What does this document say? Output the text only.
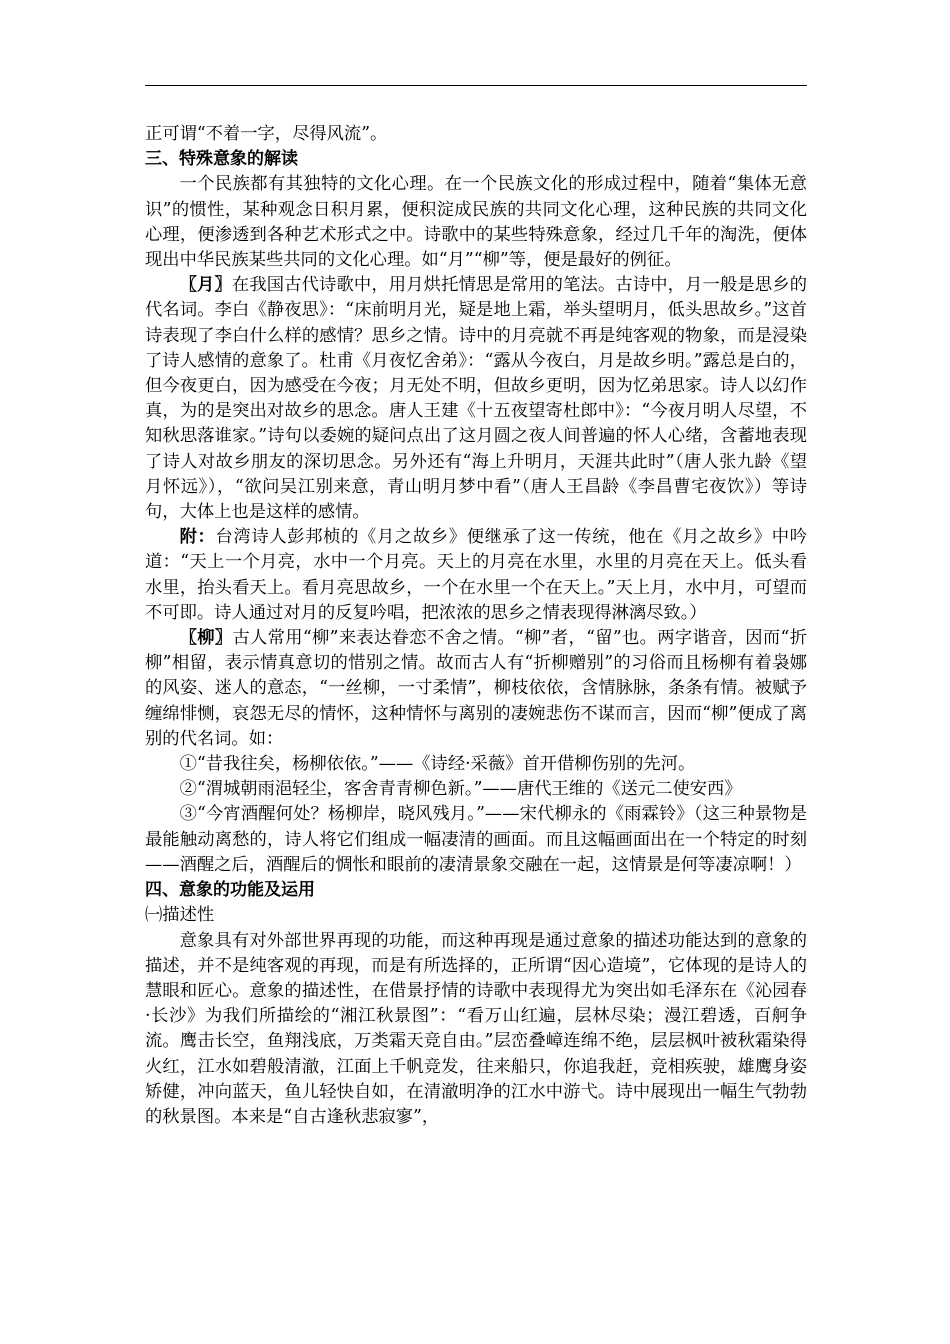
正可谓“不着一字，尽得风流”。

三、特殊意象的解读

一个民族都有其独特的文化心理。在一个民族文化的形成过程中，随着“集体无意识”的惯性，某种观念日积月累，便积淀成民族的共同文化心理，这种民族的共同文化心理，便渗透到各种艺术形式之中。诗歌中的某些特殊意象，经过几千年的淘洗，便体现出中华民族某些共同的文化心理。如“月”“柳”等，便是最好的例征。

〖月〗在我国古代诗歌中，用月烘托情思是常用的笔法。古诗中，月一般是思乡的代名词。李白《静夜思》：“床前明月光，疑是地上霜，举头望明月，低头思故乡。”这首诗表现了李白什么样的感情？思乡之情。诗中的月亮就不再是纯客观的物象，而是浸染了诗人感情的意象了。杜甫《月夜忆舍弟》：“露从今夜白，月是故乡明。”露总是白的，但今夜更白，因为感受在今夜；月无处不明，但故乡更明，因为忆弟思家。诗人以幻作真，为的是突出对故乡的思念。唐人王建《十五夜望寄杜郎中》：“今夜月明人尽望，不知秋思落谁家。”诗句以委婉的疑问点出了这月圆之夜人间普遍的怀人心绪，含蓄地表现了诗人对故乡朋友的深切思念。另外还有“海上升明月，天涯共此时”（唐人张九龄《望月怀远》），“欲问吴江别来意，青山明月梦中看”（唐人王昌龄《李昌曹宅夜饮》）等诗句，大体上也是这样的感情。

附：台湾诗人彭邦桢的《月之故乡》便继承了这一传统，他在《月之故乡》中吟道：“天上一个月亮，水中一个月亮。天上的月亮在水里，水里的月亮在天上。低头看水里，抬头看天上。看月亮思故乡，一个在水里一个在天上。”天上月，水中月，可望而不可即。诗人通过对月的反复吟唱，把浓浓的思乡之情表现得淋漓尽致。）

〖柳〗古人常用“柳”来表达眷恋不舍之情。“柳”者，“留”也。两字谐音，因而“折柳”相留，表示情真意切的惜别之情。故而古人有“折柳赠别”的习俗而且杨柳有着袅娜的风姿、迷人的意态，“一丝柳，一寸柔情”，柳枝依依，含情脉脉，条条有情。被赋予缠绵悱恻，哀怨无尽的情怀，这种情怀与离别的凄婉悲伤不谋而言，因而“柳”便成了离别的代名词。如：

①“昔我往矣，杨柳依依。”——《诗经·采薇》首开借柳伤别的先河。

②“渭城朝雨浥轻尘，客舍青青柳色新。”——唐代王维的《送元二使安西》

③“今宵酒醒何处？杨柳岸，晓风残月。”——宋代柳永的《雨霖铃》（这三种景物是最能触动离愁的，诗人将它们组成一幅凄清的画面。而且这幅画面出在一个特定的时刻——酒醒之后，酒醒后的惆怅和眼前的凄清景象交融在一起，这情景是何等凄凉啊！）

四、意象的功能及运用

㈠描述性

意象具有对外部世界再现的功能，而这种再现是通过意象的描述功能达到的意象的描述，并不是纯客观的再现，而是有所选择的，正所谓“因心造境”，它体现的是诗人的慧眼和匠心。意象的描述性，在借景抒情的诗歌中表现得尤为突出如毛泽东在《沁园春·长沙》为我们所描绘的“湘江秋景图”：“看万山红遍，层林尽染；漫江碧透，百舸争流。鹰击长空，鱼翔浅底，万类霜天竞自由。”层峦叠嶂连绵不绝，层层枫叶被秋霜染得火红，江水如碧般清澈，江面上千帆竞发，往来船只，你追我赶，竞相疾驶，雄鹰身姿矫健，冲向蓝天，鱼儿轻快自如，在清澈明净的江水中游弋。诗中展现出一幅生气勃勃的秋景图。本来是“自古逢秋悲寂寥”，
